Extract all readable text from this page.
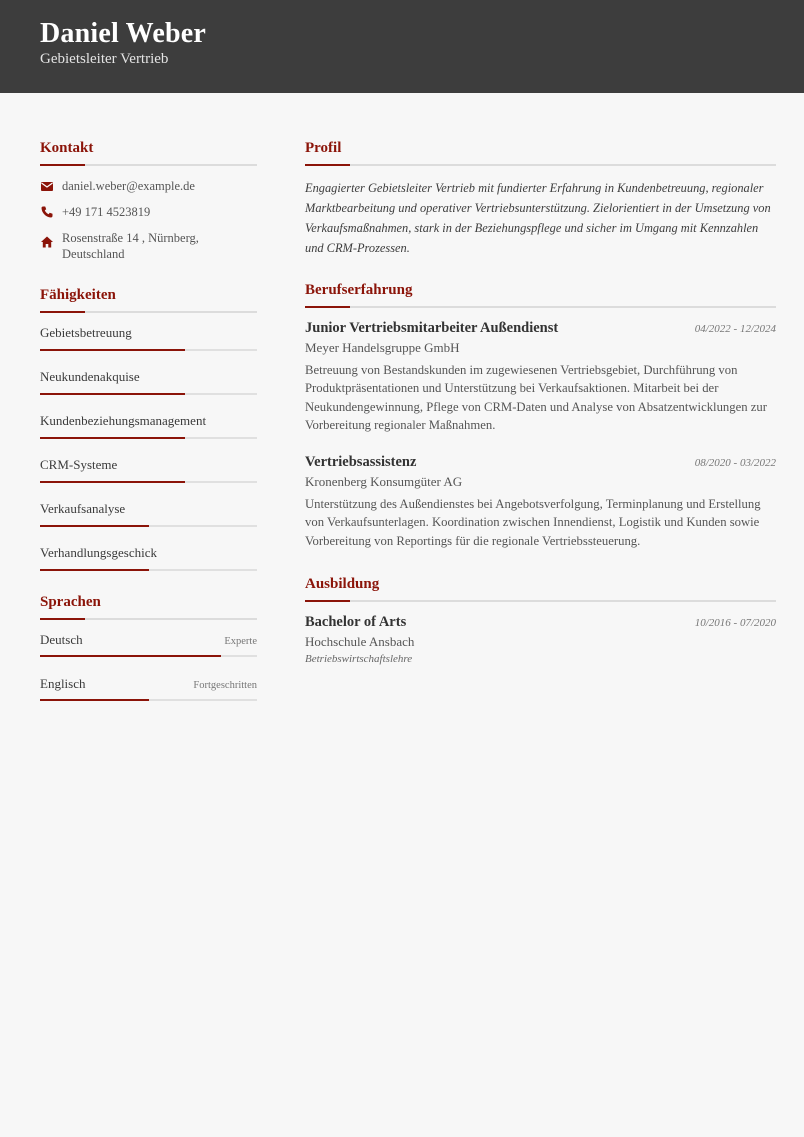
Daniel Weber
Gebietsleiter Vertrieb
Kontakt
daniel.weber@example.de
+49 171 4523819
Rosenstraße 14 , Nürnberg, Deutschland
Fähigkeiten
Gebietsbetreuung
Neukundenakquise
Kundenbeziehungsmanagement
CRM-Systeme
Verkaufsanalyse
Verhandlungsgeschick
Sprachen
Deutsch	Experte
Englisch	Fortgeschritten
Profil
Engagierter Gebietsleiter Vertrieb mit fundierter Erfahrung in Kundenbetreuung, regionaler Marktbearbeitung und operativer Vertriebsunterstützung. Zielorientiert in der Umsetzung von Verkaufsmaßnahmen, stark in der Beziehungspflege und sicher im Umgang mit Kennzahlen und CRM-Prozessen.
Berufserfahrung
Junior Vertriebsmitarbeiter Außendienst	04/2022 - 12/2024
Meyer Handelsgruppe GmbH
Betreuung von Bestandskunden im zugewiesenen Vertriebsgebiet, Durchführung von Produktpräsentationen und Unterstützung bei Verkaufsaktionen. Mitarbeit bei der Neukundengewinnung, Pflege von CRM-Daten und Analyse von Absatzentwicklungen zur Vorbereitung regionaler Maßnahmen.
Vertriebsassistenz	08/2020 - 03/2022
Kronenberg Konsumgüter AG
Unterstützung des Außendienstes bei Angebotsverfolgung, Terminplanung und Erstellung von Verkaufsunterlagen. Koordination zwischen Innendienst, Logistik und Kunden sowie Vorbereitung von Reportings für die regionale Vertriebssteuerung.
Ausbildung
Bachelor of Arts	10/2016 - 07/2020
Hochschule Ansbach
Betriebswirtschaftslehre
